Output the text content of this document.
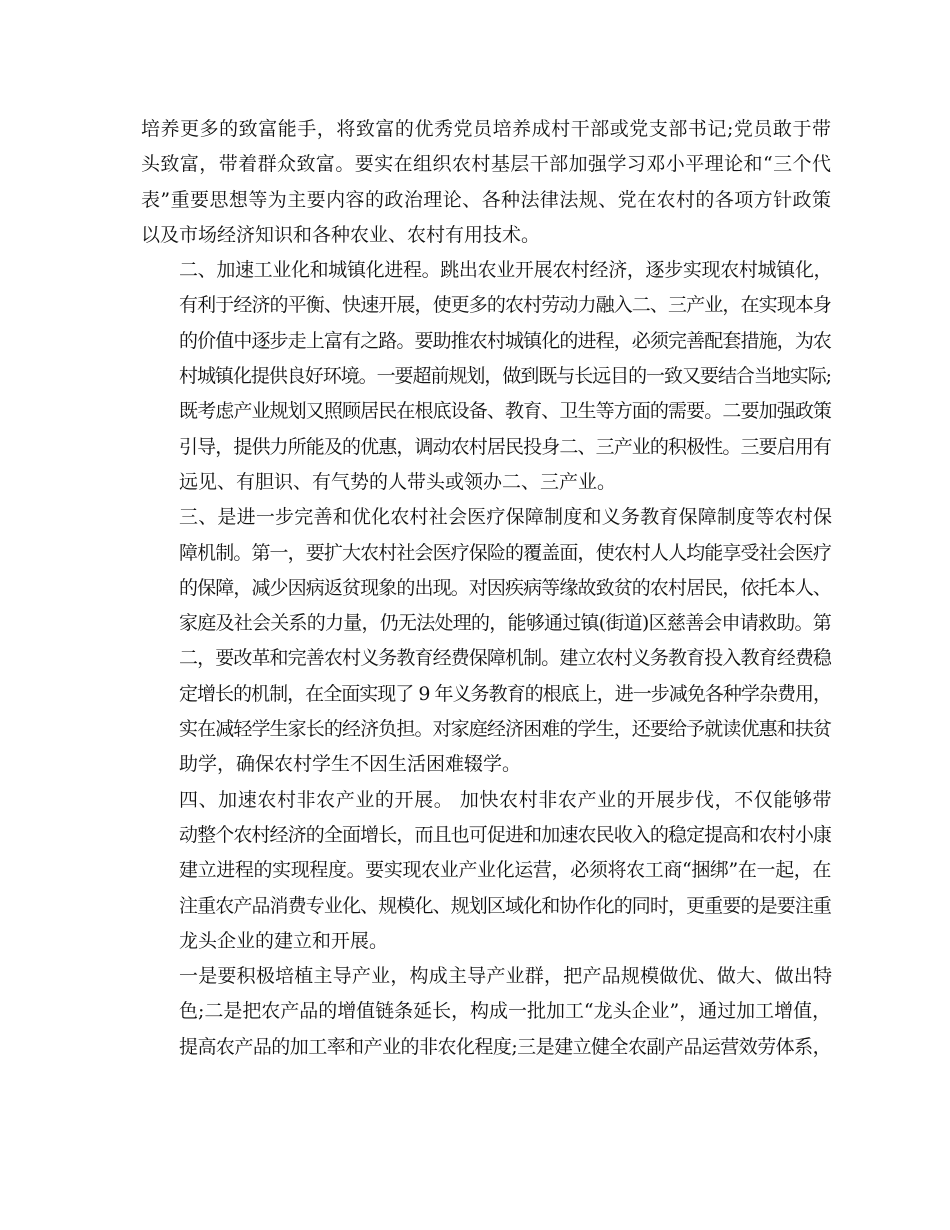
培养更多的致富能手，将致富的优秀党员培养成村干部或党支部书记;党员敢于带
头致富，带着群众致富。要实在组织农村基层干部加强学习邓小平理论和“三个代
表”重要思想等为主要内容的政治理论、各种法律法规、党在农村的各项方针政策
以及市场经济知识和各种农业、农村有用技术。

二、加速工业化和城镇化进程。跳出农业开展农村经济，逐步实现农村城镇化，
有利于经济的平衡、快速开展，使更多的农村劳动力融入二、三产业，在实现本身
的价值中逐步走上富有之路。要助推农村城镇化的进程，必须完善配套措施，为农
村城镇化提供良好环境。一要超前规划，做到既与长远目的一致又要结合当地实际;
既考虑产业规划又照顾居民在根底设备、教育、卫生等方面的需要。二要加强政策
引导，提供力所能及的优惠，调动农村居民投身二、三产业的积极性。三要启用有
远见、有胆识、有气势的人带头或领办二、三产业。

三、是进一步完善和优化农村社会医疗保障制度和义务教育保障制度等农村保
障机制。第一，要扩大农村社会医疗保险的覆盖面，使农村人人均能享受社会医疗
的保障，减少因病返贫现象的出现。对因疾病等缘故致贫的农村居民，依托本人、
家庭及社会关系的力量，仍无法处理的，能够通过镇(街道)区慈善会申请救助。第
二，要改革和完善农村义务教育经费保障机制。建立农村义务教育投入教育经费稳
定增长的机制，在全面实现了 9 年义务教育的根底上，进一步减免各种学杂费用，
实在减轻学生家长的经济负担。对家庭经济困难的学生，还要给予就读优惠和扶贫
助学，确保农村学生不因生活困难辍学。

四、加速农村非农产业的开展。 加快农村非农产业的开展步伐，不仅能够带
动整个农村经济的全面增长，而且也可促进和加速农民收入的稳定提高和农村小康
建立进程的实现程度。要实现农业产业化运营，必须将农工商“捆绑”在一起，在
注重农产品消费专业化、规模化、规划区域化和协作化的同时，更重要的是要注重
龙头企业的建立和开展。

一是要积极培植主导产业，构成主导产业群，把产品规模做优、做大、做出特
色;二是把农产品的增值链条延长，构成一批加工“龙头企业”，通过加工增值，
提高农产品的加工率和产业的非农化程度;三是建立健全农副产品运营效劳体系，
